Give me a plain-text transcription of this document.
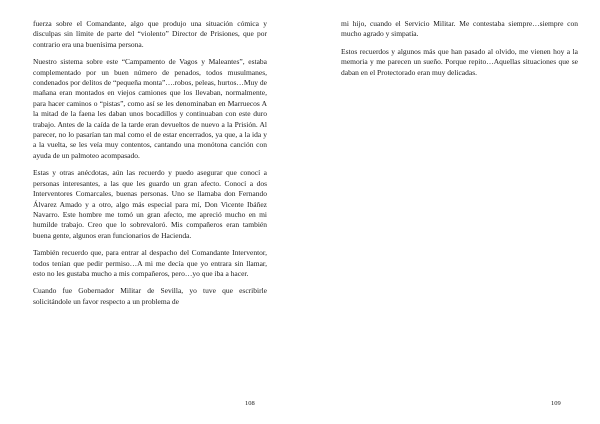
fuerza sobre el Comandante, algo que produjo una situación cómica y disculpas sin límite de parte del “violento” Director de Prisiones, que por contrario era una buenísima persona.

Nuestro sistema sobre este “Campamento de Vagos y Maleantes”, estaba complementado por un buen número de penados, todos musulmanes, condenados por delitos de “pequeña monta”….robos, peleas, hurtos…Muy de mañana eran montados en viejos camiones que los llevaban, normalmente, para hacer caminos o “pistas”, como así se les denominaban en Marruecos A la mitad de la faena les daban unos bocadillos y continuaban con este duro trabajo. Antes de la caída de la tarde eran devueltos de nuevo a la Prisión. Al parecer, no lo pasarían tan mal como el de estar encerrados, ya que, a la ida y a la vuelta, se les veía muy contentos, cantando una monótona canción con ayuda de un palmoteo acompasado.

Estas y otras anécdotas, aún las recuerdo y puedo asegurar que conocí a personas interesantes, a las que les guardo un gran afecto. Conocí a dos Interventores Comarcales, buenas personas. Uno se llamaba don Fernando Álvarez Amado y a otro, algo más especial para mí, Don Vicente Ibáñez Navarro. Este hombre me tomó un gran afecto, me apreció mucho en mi humilde trabajo. Creo que lo sobrevaloró. Mis compañeros eran también buena gente, algunos eran funcionarios de Hacienda.

También recuerdo que, para entrar al despacho del Comandante Interventor, todos tenían que pedir permiso…A mi me decía que yo entrara sin llamar, esto no les gustaba mucho a mis compañeros, pero…yo que iba a hacer.

Cuando fue Gobernador Militar de Sevilla, yo tuve que escribirle solicitándole un favor respecto a un problema de

108

mi hijo, cuando el Servicio Militar. Me contestaba siempre…siempre con mucho agrado y simpatía.

Estos recuerdos y algunos más que han pasado al olvido, me vienen hoy a la memoria y me parecen un sueño. Porque repito…Aquellas situaciones que se daban en el Protectorado eran muy delicadas.

109
